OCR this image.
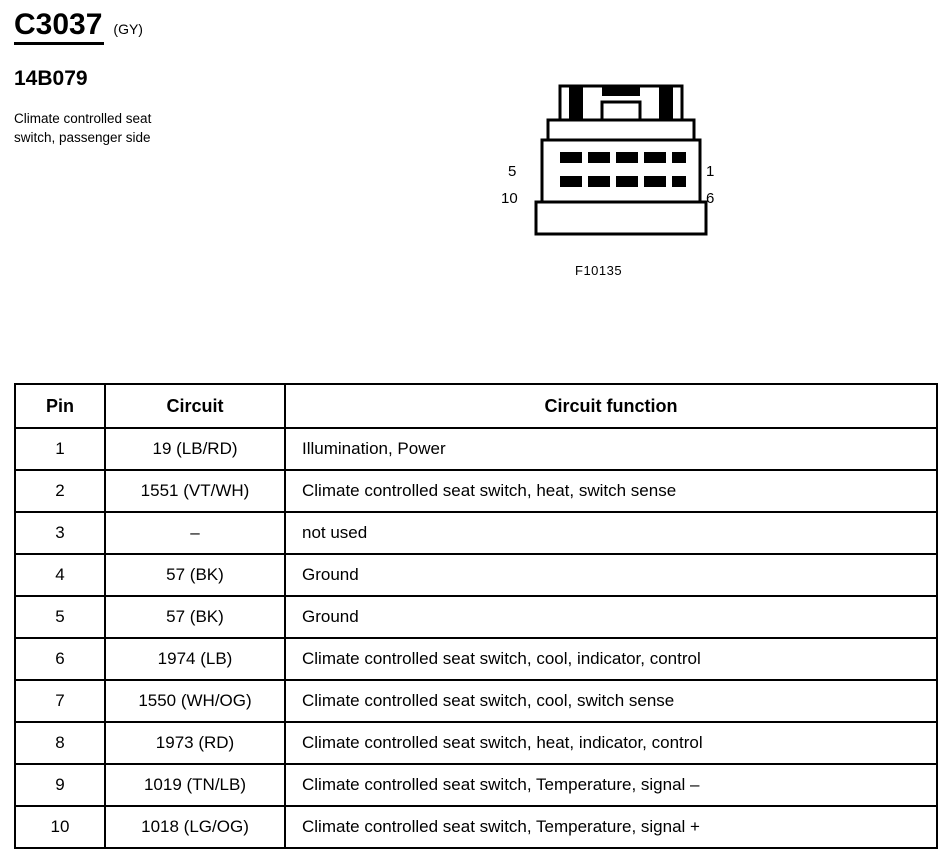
C3037 (GY)
14B079
Climate controlled seat switch, passenger side
5
10
1
6
F10135
Pin	Circuit	Circuit function
1	19 (LB/RD)	Illumination, Power
2	1551 (VT/WH)	Climate controlled seat switch, heat, switch sense
3	–	not used
4	57 (BK)	Ground
5	57 (BK)	Ground
6	1974 (LB)	Climate controlled seat switch, cool, indicator, control
7	1550 (WH/OG)	Climate controlled seat switch, cool, switch sense
8	1973 (RD)	Climate controlled seat switch, heat, indicator, control
9	1019 (TN/LB)	Climate controlled seat switch, Temperature, signal –
10	1018 (LG/OG)	Climate controlled seat switch, Temperature, signal +
